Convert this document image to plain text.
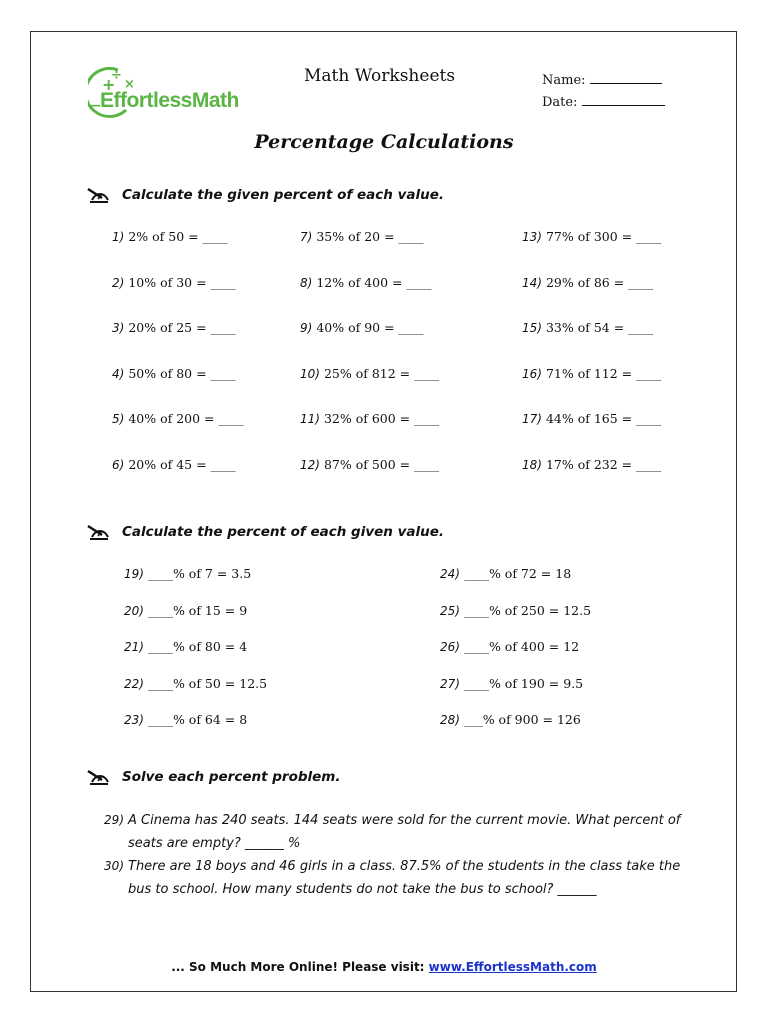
+
÷
×
−
EffortlessMath
Math Worksheets	Name:
Date:
Percentage Calculations
Calculate the given percent of each value.
1) 2% of 50 = ____
2) 10% of 30 = ____
3) 20% of 25 = ____
4) 50% of 80 = ____
5) 40% of 200 = ____
6) 20% of 45 = ____
7) 35% of 20 = ____
8) 12% of 400 = ____
9) 40% of 90 = ____
10) 25% of 812 = ____
11) 32% of 600 = ____
12) 87% of 500 = ____
13) 77% of 300 = ____
14) 29% of 86 = ____
15) 33% of 54 = ____
16) 71% of 112 = ____
17) 44% of 165 = ____
18) 17% of 232 = ____
Calculate the percent of each given value.
19) ____% of 7 = 3.5
20) ____% of 15 = 9
21) ____% of 80 = 4
22) ____% of 50 = 12.5
23) ____% of 64 = 8
24) ____% of 72 = 18
25) ____% of 250 = 12.5
26) ____% of 400 = 12
27) ____% of 190 = 9.5
28) ___% of 900 = 126
Solve each percent problem.
29) A Cinema has 240 seats. 144 seats were sold for the current movie. What percent of
seats are empty? ______ %
30) There are 18 boys and 46 girls in a class. 87.5% of the students in the class take the
bus to school. How many students do not take the bus to school? ______
... So Much More Online! Please visit: www.EffortlessMath.com
